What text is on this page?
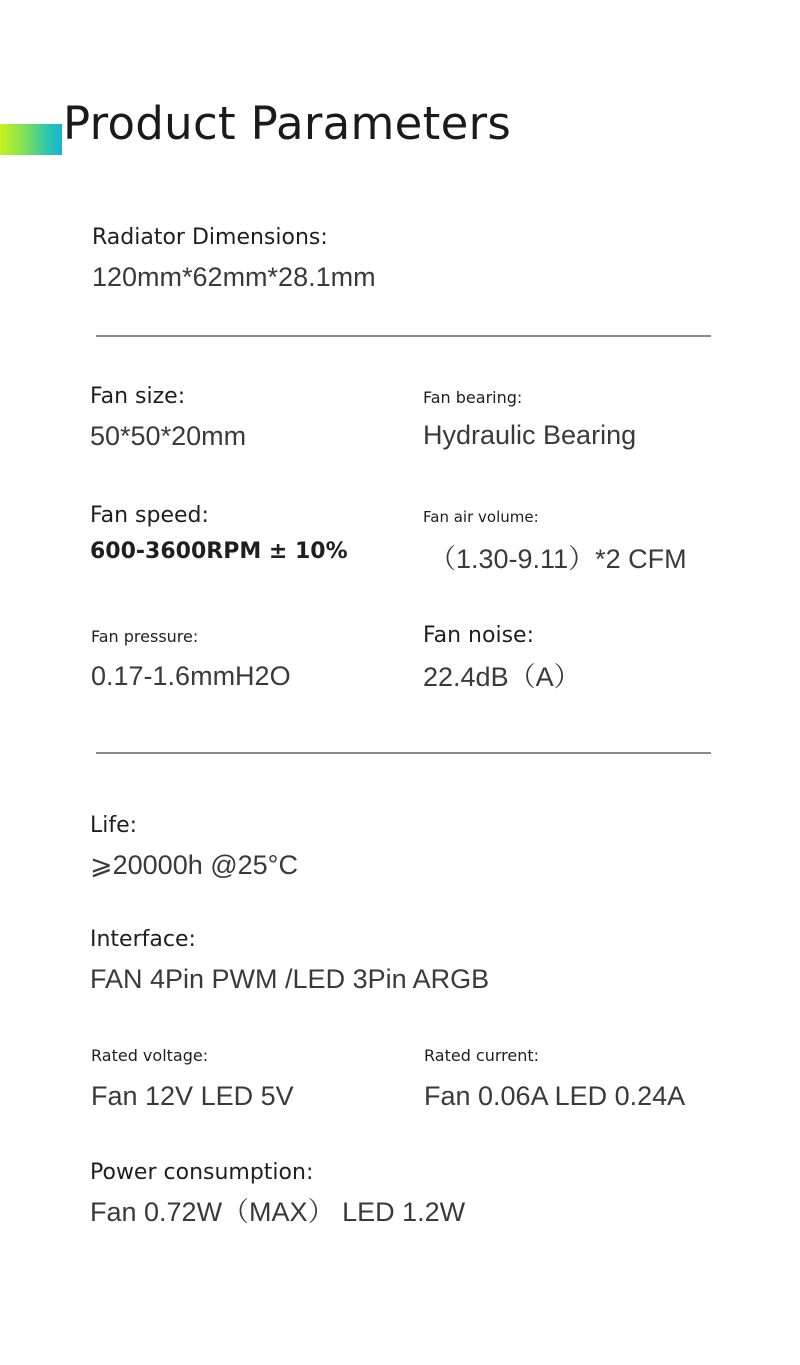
Product Parameters
Radiator Dimensions:
120mm*62mm*28.1mm
Fan size:
50*50*20mm
Fan bearing:
Hydraulic Bearing
Fan speed:
600-3600RPM ± 10%
Fan air volume:
（1.30-9.11）*2 CFM
Fan pressure:
0.17-1.6mmH2O
Fan noise:
22.4dB（A）
Life:
⩾20000h @25°C
Interface:
FAN 4Pin PWM /LED 3Pin ARGB
Rated voltage:
Fan 12V LED 5V
Rated current:
Fan 0.06A LED 0.24A
Power consumption:
Fan 0.72W（MAX） LED 1.2W
